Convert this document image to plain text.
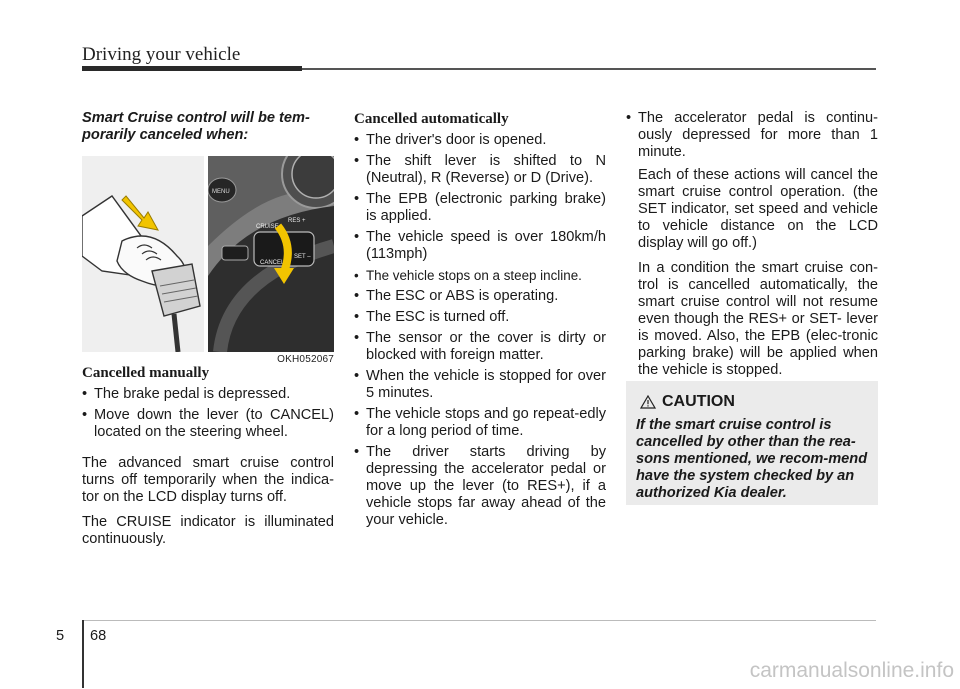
Driving your vehicle
Smart Cruise control will be tem-porarily canceled when:
MENU
CRUISE
RES +
CANCEL
SET –
OKH052067
Cancelled manually
• The brake pedal is depressed.
• Move down the lever (to CANCEL) located on the steering wheel.

The advanced smart cruise control turns off temporarily when the indica-tor on the LCD display turns off.

The CRUISE indicator is illuminated continuously.

Cancelled automatically
• The driver's door is opened.
• The shift lever is shifted to N (Neutral), R (Reverse) or D (Drive).
• The EPB (electronic parking brake) is applied.
• The vehicle speed is over 180km/h (113mph)
• The vehicle stops on a steep incline.
• The ESC or ABS is operating.
• The ESC is turned off.
• The sensor or the cover is dirty or blocked with foreign matter.
• When the vehicle is stopped for over 5 minutes.
• The vehicle stops and go repeat-edly for a long period of time.
• The driver starts driving by depressing the accelerator pedal or move up the lever (to RES+), if a vehicle stops far away ahead of the your vehicle.
• The accelerator pedal is continu-ously depressed for more than 1 minute.

Each of these actions will cancel the smart cruise control operation. (the SET indicator, set speed and vehicle to vehicle distance on the LCD display will go off.)

In a condition the smart cruise con-trol is cancelled automatically, the smart cruise control will not resume even though the RES+ or SET- lever is moved. Also, the EPB (elec-tronic parking brake) will be applied when the vehicle is stopped.

CAUTION
If the smart cruise control is cancelled by other than the rea-sons mentioned, we recom-mend have the system checked by an authorized Kia dealer.
5 68
carmanualsonline.info
